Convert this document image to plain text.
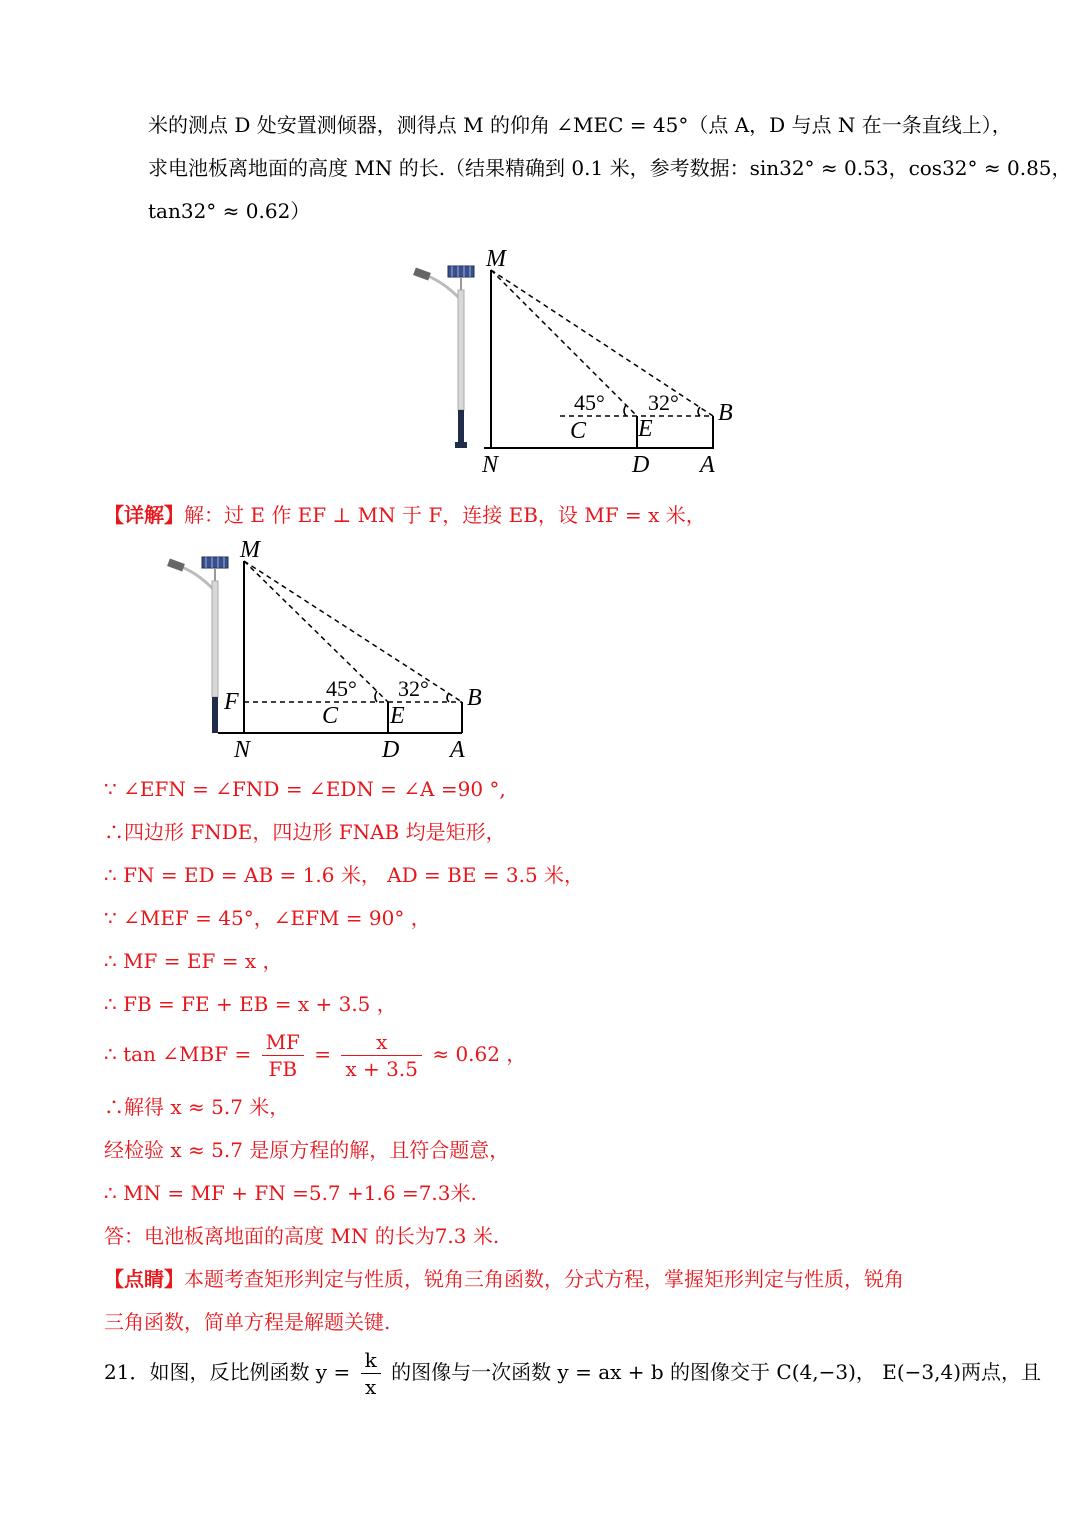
米的测点 D 处安置测倾器，测得点 M 的仰角 ∠MEC = 45°（点 A，D 与点 N 在一条直线上），
求电池板离地面的高度 MN 的长.（结果精确到 0.1 米，参考数据：sin32° ≈ 0.53，cos32° ≈ 0.85，
tan32° ≈ 0.62）
M
N
C E
D A
B
45° 32°
【详解】解：过 E 作 EF ⊥ MN 于 F，连接 EB，设 MF = x 米，
M
F
N
C E
D A
B
45° 32°
∵ ∠EFN = ∠FND = ∠EDN = ∠A =90 °,
∴四边形 FNDE，四边形 FNAB 均是矩形，
∴ FN = ED = AB = 1.6 米， AD = BE = 3.5 米，
∵ ∠MEF = 45°，∠EFM = 90° ，
∴ MF = EF = x ，
∴ FB = FE + EB = x + 3.5 ，
∴ tan ∠MBF = $\frac{MF}{FB} = \frac{x}{x + 3.5} \approx 0.62$ ，
∴解得 x ≈ 5.7 米，
经检验 x ≈ 5.7 是原方程的解，且符合题意，
∴ MN = MF + FN =5.7 +1.6 =7.3米.
答：电池板离地面的高度 MN 的长为7.3 米.
【点睛】本题考查矩形判定与性质，锐角三角函数，分式方程，掌握矩形判定与性质，锐角
三角函数，简单方程是解题关键.
21．如图，反比例函数 $y = \frac{k}{x}$ 的图像与一次函数 y = ax + b 的图像交于 C(4,−3)， E(−3,4)两点，且
